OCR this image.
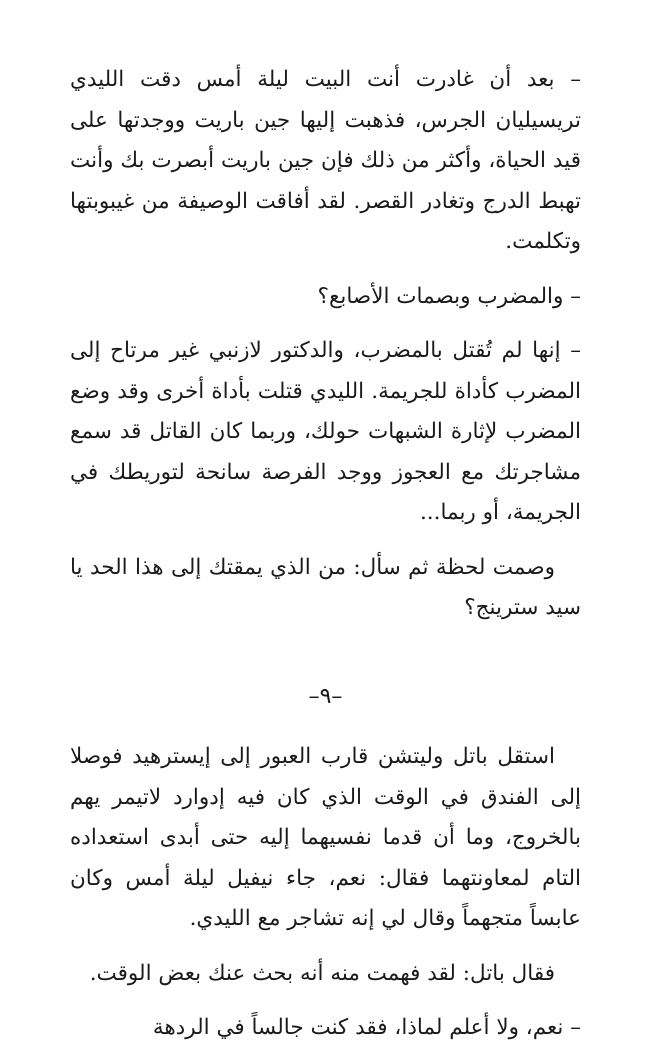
– بعد أن غادرت أنت البيت ليلة أمس دقت الليدي تريسيليان الجرس، فذهبت إليها جين باريت ووجدتها على قيد الحياة، وأكثر من ذلك فإن جين باريت أبصرت بك وأنت تهبط الدرج وتغادر القصر. لقد أفاقت الوصيفة من غيبوبتها وتكلمت.

– والمضرب وبصمات الأصابع؟

– إنها لم تُقتل بالمضرب، والدكتور لازنبي غير مرتاح إلى المضرب كأداة للجريمة. الليدي قتلت بأداة أخرى وقد وضع المضرب لإثارة الشبهات حولك، وربما كان القاتل قد سمع مشاجرتك مع العجوز ووجد الفرصة سانحة لتوريطك في الجريمة، أو ربما...

وصمت لحظة ثم سأل: من الذي يمقتك إلى هذا الحد يا سيد سترينج؟

–٩–

استقل باتل وليتشن قارب العبور إلى إيسترهيد فوصلا إلى الفندق في الوقت الذي كان فيه إدوارد لاتيمر يهم بالخروج، وما أن قدما نفسيهما إليه حتى أبدى استعداده التام لمعاونتهما فقال: نعم، جاء نيفيل ليلة أمس وكان عابساً متجهماً وقال لي إنه تشاجر مع الليدي.

فقال باتل: لقد فهمت منه أنه بحث عنك بعض الوقت.

– نعم، ولا أعلم لماذا، فقد كنت جالساً في الردهة
